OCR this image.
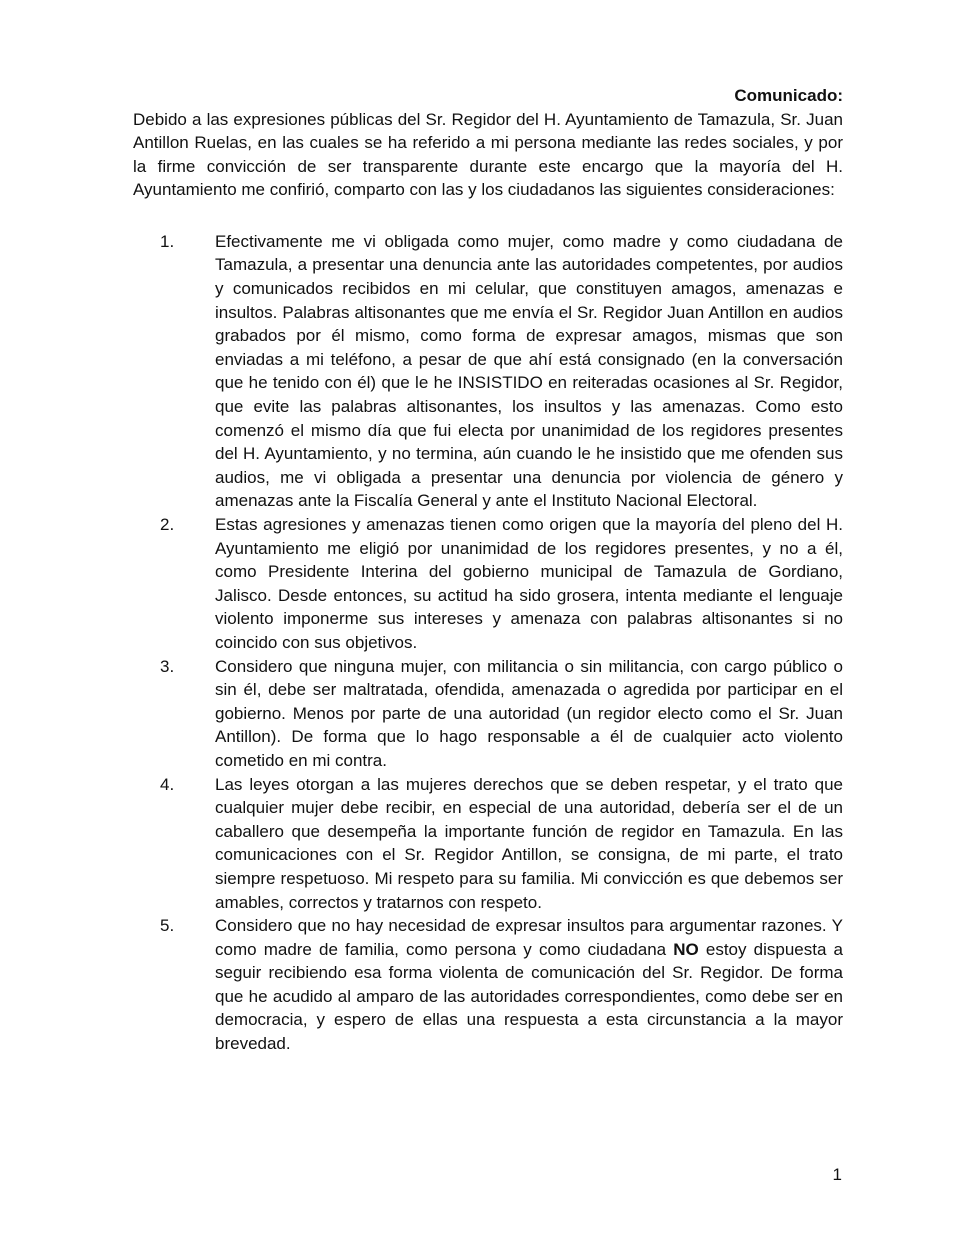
Comunicado:

Debido a las expresiones públicas del Sr. Regidor del H. Ayuntamiento de Tamazula, Sr. Juan Antillon Ruelas, en las cuales se ha referido a mi persona mediante las redes sociales, y por la firme convicción de ser transparente durante este encargo que la mayoría del H. Ayuntamiento me confirió, comparto con las y los ciudadanos las siguientes consideraciones:

1.	Efectivamente me vi obligada como mujer, como madre y como ciudadana de Tamazula, a presentar una denuncia ante las autoridades competentes, por audios y comunicados recibidos en mi celular, que constituyen amagos, amenazas e insultos. Palabras altisonantes que me envía el Sr. Regidor Juan Antillon en audios grabados por él mismo, como forma de expresar amagos, mismas que son enviadas a mi teléfono, a pesar de que ahí está consignado (en la conversación que he tenido con él) que le he INSISTIDO en reiteradas ocasiones al Sr. Regidor, que evite las palabras altisonantes, los insultos y las amenazas. Como esto comenzó el mismo día que fui electa por unanimidad de los regidores presentes del H. Ayuntamiento, y no termina, aún cuando le he insistido que me ofenden sus audios, me vi obligada a presentar una denuncia por violencia de género y amenazas ante la Fiscalía General y ante el Instituto Nacional Electoral.

2.	Estas agresiones y amenazas tienen como origen que la mayoría del pleno del H. Ayuntamiento me eligió por unanimidad de los regidores presentes, y no a él, como Presidente Interina del gobierno municipal de Tamazula de Gordiano, Jalisco. Desde entonces, su actitud ha sido grosera, intenta mediante el lenguaje violento imponerme sus intereses y amenaza con palabras altisonantes si no coincido con sus objetivos.

3.	Considero que ninguna mujer, con militancia o sin militancia, con cargo público o sin él, debe ser maltratada, ofendida, amenazada o agredida por participar en el gobierno. Menos por parte de una autoridad (un regidor electo como el Sr. Juan Antillon). De forma que lo hago responsable a él de cualquier acto violento cometido en mi contra.

4.	Las leyes otorgan a las mujeres derechos que se deben respetar, y el trato que cualquier mujer debe recibir, en especial de una autoridad, debería ser el de un caballero que desempeña la importante función de regidor en Tamazula. En las comunicaciones con el Sr. Regidor Antillon, se consigna, de mi parte, el trato siempre respetuoso. Mi respeto para su familia. Mi convicción es que debemos ser amables, correctos y tratarnos con respeto.

5.	Considero que no hay necesidad de expresar insultos para argumentar razones. Y como madre de familia, como persona y como ciudadana NO estoy dispuesta a seguir recibiendo esa forma violenta de comunicación del Sr. Regidor. De forma que he acudido al amparo de las autoridades correspondientes, como debe ser en democracia, y espero de ellas una respuesta a esta circunstancia a la mayor brevedad.

1
